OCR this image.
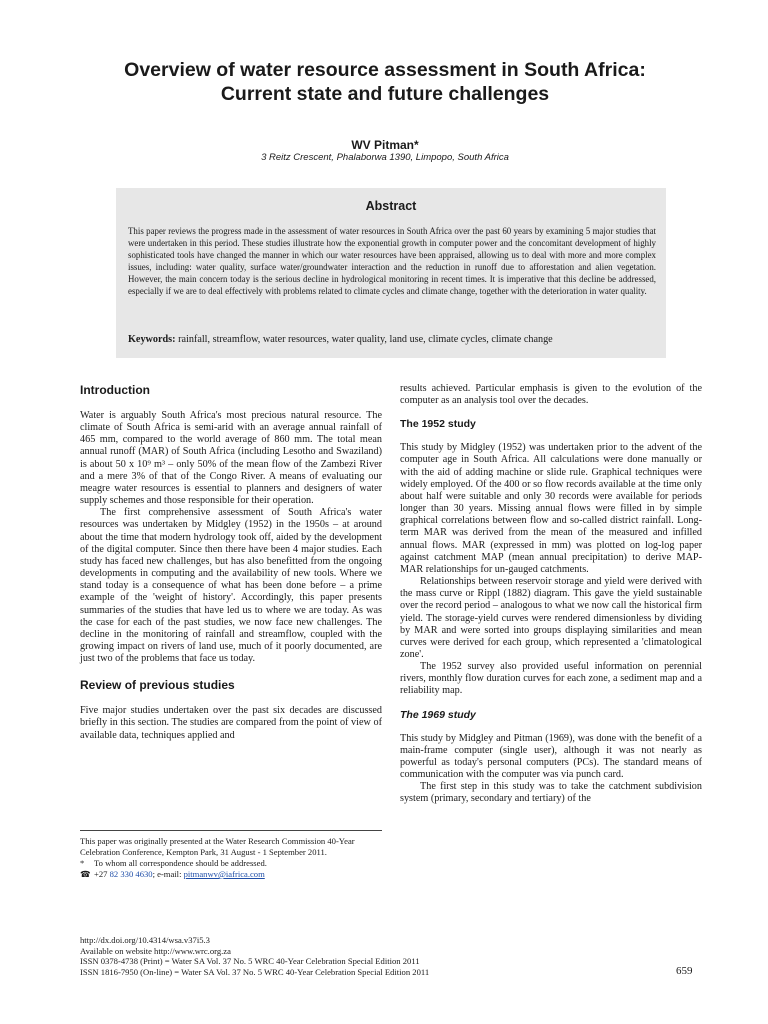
Overview of water resource assessment in South Africa:
Current state and future challenges
WV Pitman*
3 Reitz Crescent, Phalaborwa 1390, Limpopo, South Africa
Abstract

This paper reviews the progress made in the assessment of water resources in South Africa over the past 60 years by examining 5 major studies that were undertaken in this period. These studies illustrate how the exponential growth in computer power and the concomitant development of highly sophisticated tools have changed the manner in which our water resources have been appraised, allowing us to deal with more and more complex issues, including: water quality, surface water/groundwater interaction and the reduction in runoff due to afforestation and alien vegetation. However, the main concern today is the serious decline in hydrological monitoring in recent times. It is imperative that this decline be addressed, especially if we are to deal effectively with problems related to climate cycles and climate change, together with the deterioration in water quality.

Keywords: rainfall, streamflow, water resources, water quality, land use, climate cycles, climate change
Introduction

Water is arguably South Africa's most precious natural resource. The climate of South Africa is semi-arid with an average annual rainfall of 465 mm, compared to the world average of 860 mm. The total mean annual runoff (MAR) of South Africa (including Lesotho and Swaziland) is about 50 x 10⁹ m³ – only 50% of the mean flow of the Zambezi River and a mere 3% of that of the Congo River. A means of evaluating our meagre water resources is essential to planners and designers of water supply schemes and those responsible for their operation.

The first comprehensive assessment of South Africa's water resources was undertaken by Midgley (1952) in the 1950s – at around about the time that modern hydrology took off, aided by the development of the digital computer. Since then there have been 4 major studies. Each study has faced new challenges, but has also benefitted from the ongoing developments in computing and the availability of new tools. Where we stand today is a consequence of what has been done before – a prime example of the 'weight of history'. Accordingly, this paper presents summaries of the studies that have led us to where we are today. As was the case for each of the past studies, we now face new challenges. The decline in the monitoring of rainfall and streamflow, coupled with the growing impact on rivers of land use, much of it poorly documented, are just two of the problems that face us today.

Review of previous studies

Five major studies undertaken over the past six decades are discussed briefly in this section. The studies are compared from the point of view of available data, techniques applied and

results achieved. Particular emphasis is given to the evolution of the computer as an analysis tool over the decades.

The 1952 study

This study by Midgley (1952) was undertaken prior to the advent of the computer age in South Africa. All calculations were done manually or with the aid of adding machine or slide rule. Graphical techniques were widely employed. Of the 400 or so flow records available at the time only about half were suitable and only 30 records were available for periods longer than 30 years. Missing annual flows were filled in by simple graphical correlations between flow and so-called district rainfall. Long-term MAR was derived from the mean of the measured and infilled annual flows. MAR (expressed in mm) was plotted on log-log paper against catchment MAP (mean annual precipitation) to derive MAP-MAR relationships for un-gauged catchments.

Relationships between reservoir storage and yield were derived with the mass curve or Rippl (1882) diagram. This gave the yield sustainable over the record period – analogous to what we now call the historical firm yield. The storage-yield curves were rendered dimensionless by dividing by MAR and were sorted into groups displaying similarities and mean curves were derived for each group, which represented a 'climatological zone'.

The 1952 survey also provided useful information on perennial rivers, monthly flow duration curves for each zone, a sediment map and a reliability map.

The 1969 study

This study by Midgley and Pitman (1969), was done with the benefit of a main-frame computer (single user), although it was not nearly as powerful as today's personal computers (PCs). The standard means of communication with the computer was via punch card.

The first step in this study was to take the catchment subdivision system (primary, secondary and tertiary) of the

This paper was originally presented at the Water Research Commission 40-Year Celebration Conference, Kempton Park, 31 August - 1 September 2011.

* To whom all correspondence should be addressed.

☎ +27 82 330 4630; e-mail: pitmanwv@iafrica.com

http://dx.doi.org/10.4314/wsa.v37i5.3

Available on website http://www.wrc.org.za

ISSN 0378-4738 (Print) = Water SA Vol. 37 No. 5 WRC 40-Year Celebration Special Edition 2011

ISSN 1816-7950 (On-line) = Water SA Vol. 37 No. 5 WRC 40-Year Celebration Special Edition 2011	659
